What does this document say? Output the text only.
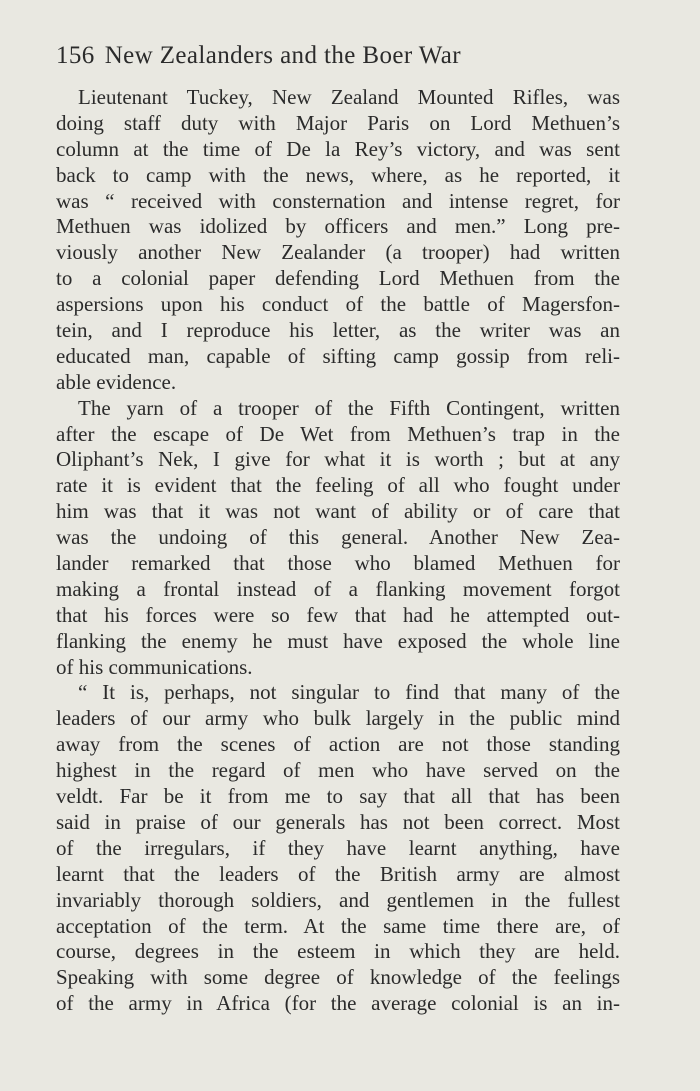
156 New Zealanders and the Boer War
Lieutenant Tuckey, New Zealand Mounted Rifles, was
doing staff duty with Major Paris on Lord Methuen’s
column at the time of De la Rey’s victory, and was sent
back to camp with the news, where, as he reported, it
was “ received with consternation and intense regret, for
Methuen was idolized by officers and men.” Long pre-
viously another New Zealander (a trooper) had written
to a colonial paper defending Lord Methuen from the
aspersions upon his conduct of the battle of Magersfon-
tein, and I reproduce his letter, as the writer was an
educated man, capable of sifting camp gossip from reli-
able evidence.
The yarn of a trooper of the Fifth Contingent, written
after the escape of De Wet from Methuen’s trap in the
Oliphant’s Nek, I give for what it is worth ; but at any
rate it is evident that the feeling of all who fought under
him was that it was not want of ability or of care that
was the undoing of this general. Another New Zea-
lander remarked that those who blamed Methuen for
making a frontal instead of a flanking movement forgot
that his forces were so few that had he attempted out-
flanking the enemy he must have exposed the whole line
of his communications.
“ It is, perhaps, not singular to find that many of the
leaders of our army who bulk largely in the public mind
away from the scenes of action are not those standing
highest in the regard of men who have served on the
veldt. Far be it from me to say that all that has been
said in praise of our generals has not been correct. Most
of the irregulars, if they have learnt anything, have
learnt that the leaders of the British army are almost
invariably thorough soldiers, and gentlemen in the fullest
acceptation of the term. At the same time there are, of
course, degrees in the esteem in which they are held.
Speaking with some degree of knowledge of the feelings
of the army in Africa (for the average colonial is an in-
